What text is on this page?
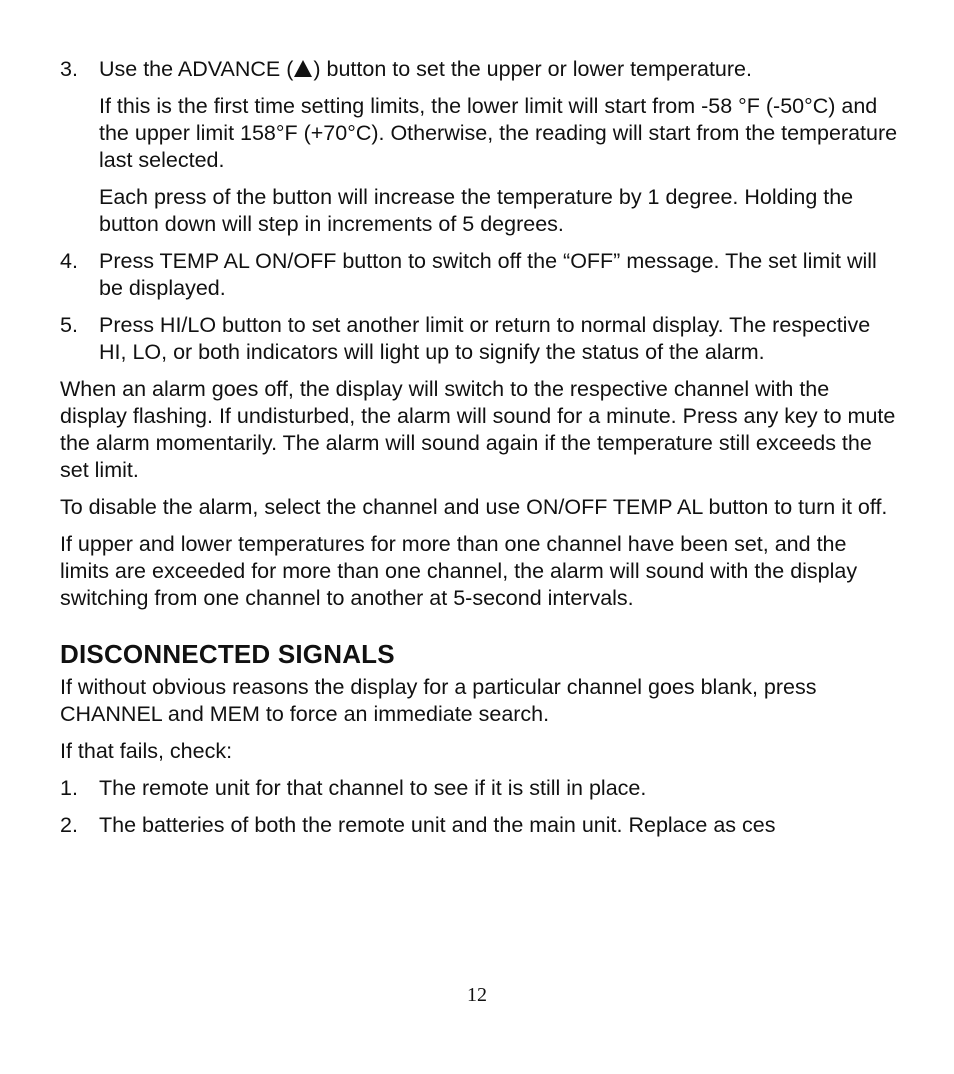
3. Use the ADVANCE ( ) button to set the upper or lower temperature.
If this is the first time setting limits, the lower limit will start from -58 °F (-50°C) and the upper limit 158°F (+70°C). Otherwise, the reading will start from the temperature last selected.
Each press of the button will increase the temperature by 1 degree. Holding the button down will step in increments of 5 degrees.
4. Press TEMP AL ON/OFF button to switch off the “OFF” message. The set limit will be displayed.
5. Press HI/LO button to set another limit or return to normal display. The respective HI, LO, or both indicators will light up to signify the status of the alarm.

When an alarm goes off, the display will switch to the respective channel with the display flashing. If undisturbed, the alarm will sound for a minute. Press any key to mute the alarm momentarily. The alarm will sound again if the temperature still exceeds the set limit.

To disable the alarm, select the channel and use ON/OFF TEMP AL button to turn it off.

If upper and lower temperatures for more than one channel have been set, and the limits are exceeded for more than one channel, the alarm will sound with the display switching from one channel to another at 5-second intervals.

DISCONNECTED SIGNALS

If without obvious reasons the display for a particular channel goes blank, press CHANNEL and MEM to force an immediate search.

If that fails, check:

1. The remote unit for that channel to see if it is still in place.
2. The batteries of both the remote unit and the main unit. Replace as ces
12
